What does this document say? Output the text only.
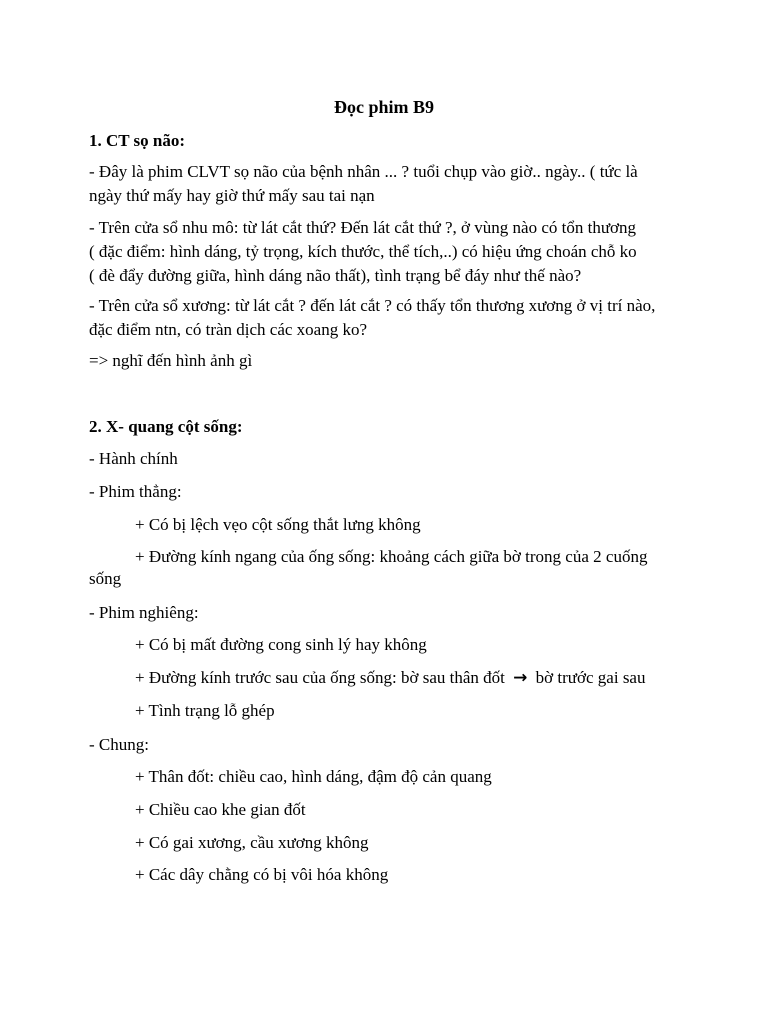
Đọc phim B9
1. CT sọ não:
- Đây là phim CLVT sọ não của bệnh nhân ... ? tuổi chụp vào giờ.. ngày.. ( tức là
ngày thứ mấy hay giờ thứ mấy sau tai nạn
- Trên cửa sổ nhu mô: từ lát cắt thứ? Đến lát cắt thứ ?, ở vùng nào có tổn thương
( đặc điểm: hình dáng, tỷ trọng, kích thước, thể tích,..) có hiệu ứng choán chỗ ko
( đè đẩy đường giữa, hình dáng não thất), tình trạng bể đáy như thế nào?
- Trên cửa sổ xương: từ lát cắt ? đến lát cắt ? có thấy tổn thương xương ở vị trí nào,
đặc điểm ntn, có tràn dịch các xoang ko?
=> nghĩ đến hình ảnh gì
2. X- quang cột sống:
- Hành chính
- Phim thẳng:
+ Có bị lệch vẹo cột sống thắt lưng không
+ Đường kính ngang của ống sống: khoảng cách giữa bờ trong của 2 cuống
sống
- Phim nghiêng:
+ Có bị mất đường cong sinh lý hay không
+ Đường kính trước sau của ống sống: bờ sau thân đốt → bờ trước gai sau
+ Tình trạng lỗ ghép
- Chung:
+ Thân đốt: chiều cao, hình dáng, đậm độ cản quang
+ Chiều cao khe gian đốt
+ Có gai xương, cầu xương không
+ Các dây chằng có bị vôi hóa không
